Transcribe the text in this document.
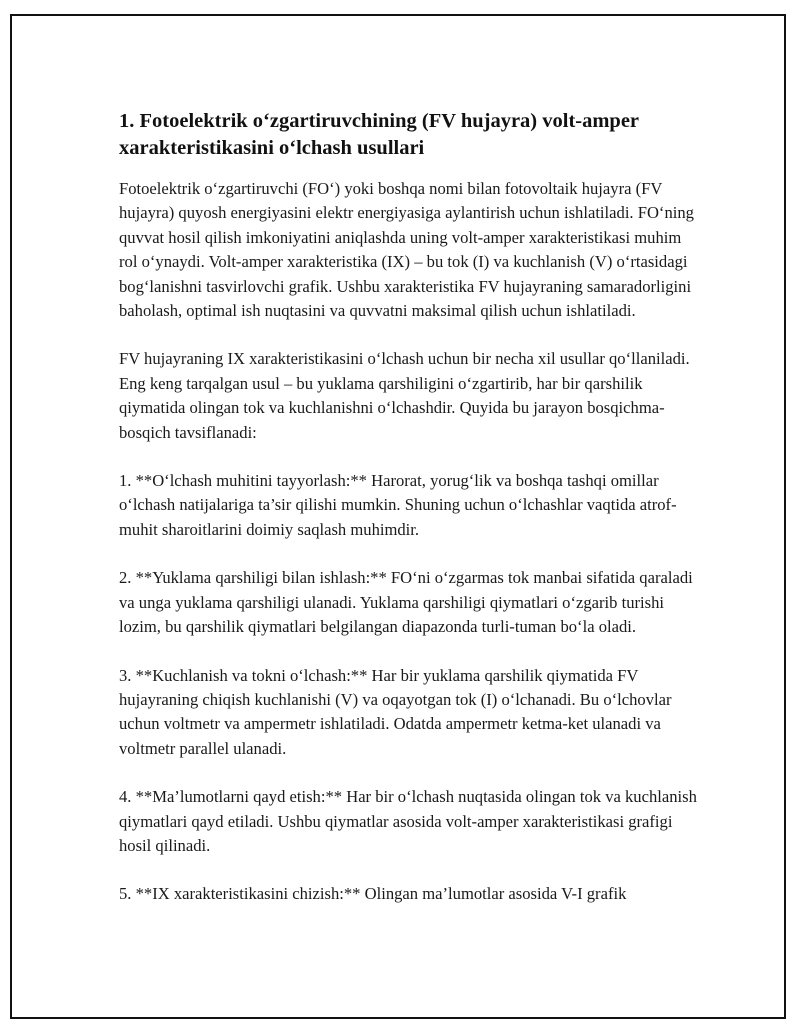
1. Fotoelektrik o‘zgartiruvchining (FV hujayra) volt-amper xarakteristikasini o‘lchash usullari

Fotoelektrik o‘zgartiruvchi (FO‘) yoki boshqa nomi bilan fotovoltaik hujayra (FV hujayra) quyosh energiyasini elektr energiyasiga aylantirish uchun ishlatiladi. FO‘ning quvvat hosil qilish imkoniyatini aniqlashda uning volt-amper xarakteristikasi muhim rol o‘ynaydi. Volt-amper xarakteristika (IX) – bu tok (I) va kuchlanish (V) o‘rtasidagi bog‘lanishni tasvirlovchi grafik. Ushbu xarakteristika FV hujayraning samaradorligini baholash, optimal ish nuqtasini va quvvatni maksimal qilish uchun ishlatiladi.

FV hujayraning IX xarakteristikasini o‘lchash uchun bir necha xil usullar qo‘llaniladi. Eng keng tarqalgan usul – bu yuklama qarshiligini o‘zgartirib, har bir qarshilik qiymatida olingan tok va kuchlanishni o‘lchashdir. Quyida bu jarayon bosqichma-bosqich tavsiflanadi:

1. **O‘lchash muhitini tayyorlash:** Harorat, yorug‘lik va boshqa tashqi omillar o‘lchash natijalariga ta’sir qilishi mumkin. Shuning uchun o‘lchashlar vaqtida atrof-muhit sharoitlarini doimiy saqlash muhimdir.

2. **Yuklama qarshiligi bilan ishlash:** FO‘ni o‘zgarmas tok manbai sifatida qaraladi va unga yuklama qarshiligi ulanadi. Yuklama qarshiligi qiymatlari o‘zgarib turishi lozim, bu qarshilik qiymatlari belgilangan diapazonda turli-tuman bo‘la oladi.

3. **Kuchlanish va tokni o‘lchash:** Har bir yuklama qarshilik qiymatida FV hujayraning chiqish kuchlanishi (V) va oqayotgan tok (I) o‘lchanadi. Bu o‘lchovlar uchun voltmetr va ampermetr ishlatiladi. Odatda ampermetr ketma-ket ulanadi va voltmetr parallel ulanadi.

4. **Ma’lumotlarni qayd etish:** Har bir o‘lchash nuqtasida olingan tok va kuchlanish qiymatlari qayd etiladi. Ushbu qiymatlar asosida volt-amper xarakteristikasi grafigi hosil qilinadi.

5. **IX xarakteristikasini chizish:** Olingan ma’lumotlar asosida V-I grafik
